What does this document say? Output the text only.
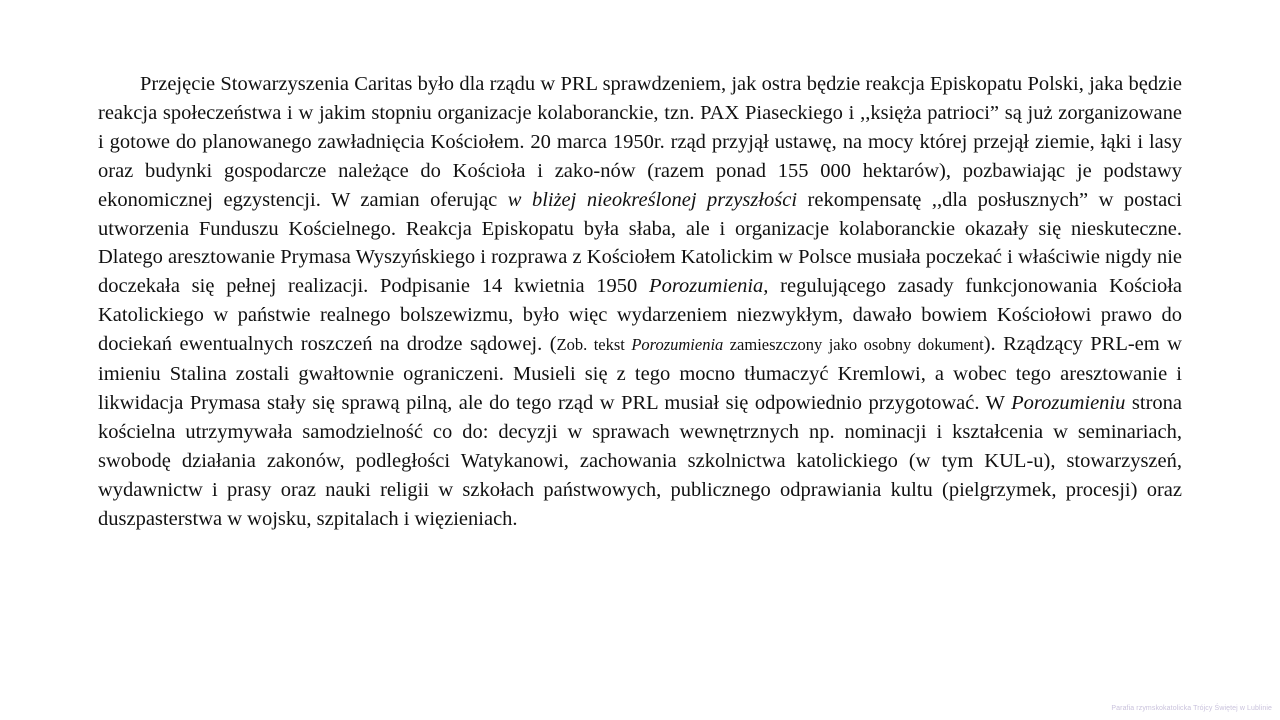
Przejęcie Stowarzyszenia Caritas było dla rządu w PRL sprawdzeniem, jak ostra będzie reakcja Episkopatu Polski, jaka będzie reakcja społeczeństwa i w jakim stopniu organizacje kolaboranckie, tzn. PAX Piaseckiego i ,,księża patrioci” są już zorganizowane i gotowe do planowanego zawładnięcia Kościołem. 20 marca 1950r. rząd przyjął ustawę, na mocy której przejął ziemie, łąki i lasy oraz budynki gospodarcze należące do Kościoła i zako-nów (razem ponad 155 000 hektarów), pozbawiając je podstawy ekonomicznej egzystencji. W zamian oferując w bliżej nieokreślonej przyszłości rekompensatę ,,dla posłusznych” w postaci utworzenia Funduszu Kościelnego. Reakcja Episkopatu była słaba, ale i organizacje kolaboranckie okazały się nieskuteczne. Dlatego aresztowanie Prymasa Wyszyńskiego i rozprawa z Kościołem Katolickim w Polsce musiała poczekać i właściwie nigdy nie doczekała się pełnej realizacji. Podpisanie 14 kwietnia 1950 Porozumienia, regulującego zasady funkcjonowania Kościoła Katolickiego w państwie realnego bolszewizmu, było więc wydarzeniem niezwykłym, dawało bowiem Kościołowi prawo do dociekań ewentualnych roszczeń na drodze sądowej. (Zob. tekst Porozumienia zamieszczony jako osobny dokument). Rządzący PRL-em w imieniu Stalina zostali gwałtownie ograniczeni. Musieli się z tego mocno tłumaczyć Kremlowi, a wobec tego aresztowanie i likwidacja Prymasa stały się sprawą pilną, ale do tego rząd w PRL musiał się odpowiednio przygotować. W Porozumieniu strona kościelna utrzymywała samodzielność co do: decyzji w sprawach wewnętrznych np. nominacji i kształcenia w seminariach, swobodę działania zakonów, podległości Watykanowi, zachowania szkolnictwa katolickiego (w tym KUL-u), stowarzyszeń, wydawnictw i prasy oraz nauki religii w szkołach państwowych, publicznego odprawiania kultu (pielgrzymek, procesji) oraz duszpasterstwa w wojsku, szpitalach i więzieniach.

Parafia rzymskokatolicka Trójcy Świętej w Lublinie
